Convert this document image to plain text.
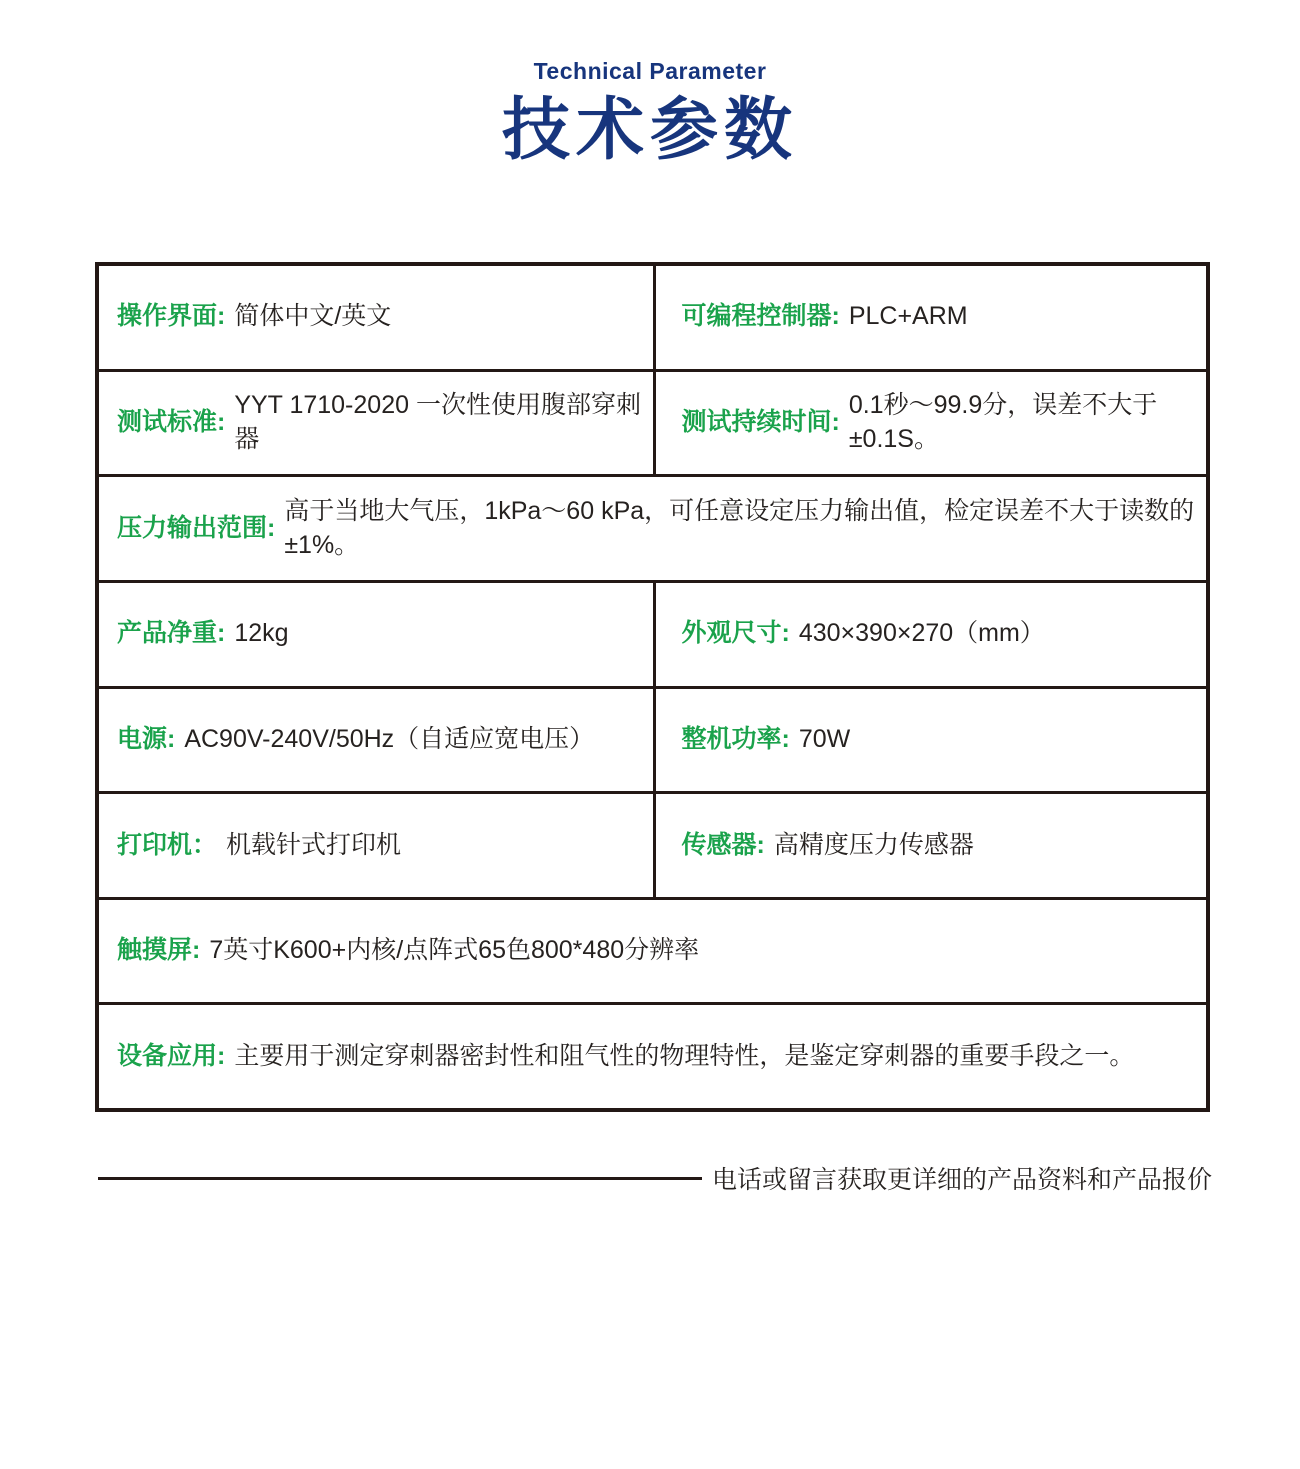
Technical Parameter
技术参数
操作界面: 简体中文/英文	可编程控制器: PLC+ARM
测试标准:
YYT 1710-2020 一次性使用腹部穿刺器
测试持续时间:
0.1秒～99.9分，误差不大于±0.1S。
压力输出范围:
高于当地大气压，1kPa～60 kPa，可任意设定压力输出值，检定误差不大于读数的±1%。
产品净重: 12kg	外观尺寸: 430×390×270（mm）
电源: AC90V-240V/50Hz（自适应宽电压）	整机功率: 70W
打印机： 机载针式打印机	传感器: 高精度压力传感器
触摸屏: 7英寸K600+内核/点阵式65色800*480分辨率
设备应用: 主要用于测定穿刺器密封性和阻气性的物理特性，是鉴定穿刺器的重要手段之一。
电话或留言获取更详细的产品资料和产品报价
